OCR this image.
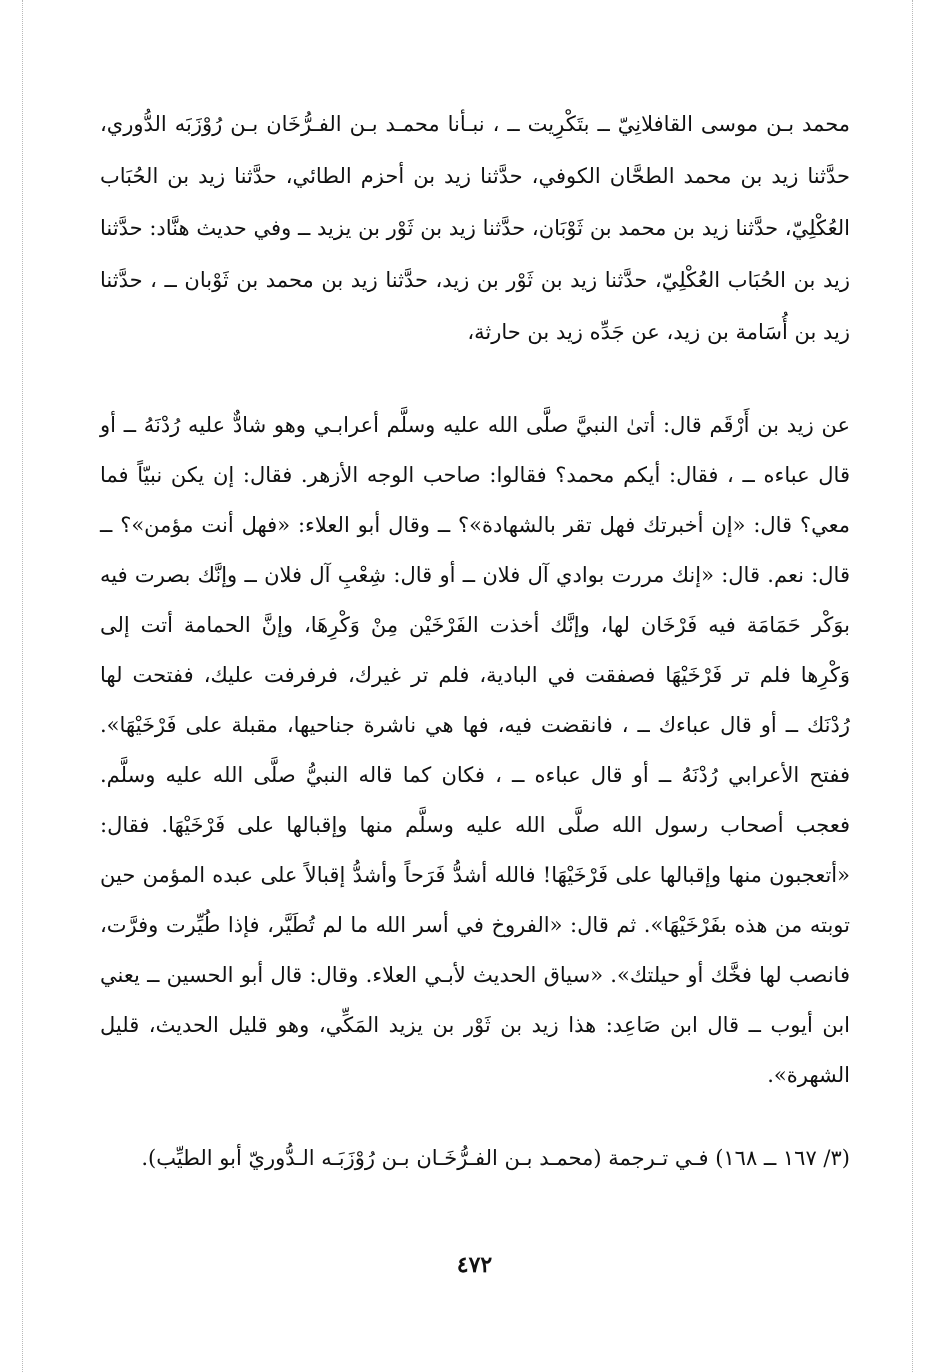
محمد بـن موسى القافلانِيّ ــ بتَكْرِيت ــ ، نبـأنا محمـد بـن الفـرُّخَان بـن رُوْزَبَه الدُّوري، حدَّثنا زيد بن محمد الطحَّان الكوفي، حدَّثنا زيد بن أحزم الطائي، حدَّثنا زيد بن الحُبَاب العُكْلِيّ، حدَّثنا زيد بن محمد بن ثَوْبَان، حدَّثنا زيد بن ثَوْر بن يزيد ــ وفي حديث هنَّاد: حدَّثنا زيد بن الحُبَاب العُكْلِيّ، حدَّثنا زيد بن ثَوْر بن زيد، حدَّثنا زيد بن محمد بن ثَوْبان ــ ، حدَّثنا زيد بن أُسَامة بن زيد، عن جَدِّه زيد بن حارثة،

عن زيد بن أَرْقَم قال: أتىٰ النبيَّ صلَّى الله عليه وسلَّم أعرابـي وهو شادٌّ عليه رُدْنَهُ ــ أو قال عباءه ــ ، فقال: أيكم محمد؟ فقالوا: صاحب الوجه الأزهر. فقال: إن يكن نبيّاً فما معي؟ قال: «إن أخبرتك فهل تقر بالشهادة»؟ ــ وقال أبو العلاء: «فهل أنت مؤمن»؟ ــ قال: نعم. قال: «إنك مررت بوادي آل فلان ــ أو قال: شِعْبِ آل فلان ــ وإنَّك بصرت فيه بوَكْر حَمَامَة فيه فَرْخَان لها، وإنَّك أخذت الفَرْخَيْن مِنْ وَكْرِهَا، وإنَّ الحمامة أتت إلى وَكْرِها فلم تر فَرْخَيْهَا فصفقت في البادية، فلم تر غيرك، فرفرفت عليك، ففتحت لها رُدْنَك ــ أو قال عباءك ــ ، فانقضت فيه، فها هي ناشرة جناحيها، مقبلة على فَرْخَيْهَا». ففتح الأعرابي رُدْنَهُ ــ أو قال عباءه ــ ، فكان كما قاله النبيُّ صلَّى الله عليه وسلَّم. فعجب أصحاب رسول الله صلَّى الله عليه وسلَّم منها وإقبالها على فَرْخَيْهَا. فقال: «أتعجبون منها وإقبالها على فَرْخَيْهَا! فالله أشدُّ فَرَحاً وأشدُّ إقبالاً على عبده المؤمن حين توبته من هذه بفَرْخَيْهَا». ثم قال: «الفروخ في أسر الله ما لم تُطَيَّر، فإذا طُيِّرت وفرَّت، فانصب لها فخَّك أو حيلتك». «سياق الحديث لأبـي العلاء. وقال: قال أبو الحسين ــ يعني ابن أيوب ــ قال ابن صَاعِد: هذا زيد بن ثَوْر بن يزيد المَكِّي، وهو قليل الحديث، قليل الشهرة».

(٣/ ١٦٧ ــ ١٦٨) فـي تـرجمة (محمـد بـن الفـرُّخَـان بـن رُوْزَبَـه الـدُّوريّ أبو الطيِّب).

٤٧٢
